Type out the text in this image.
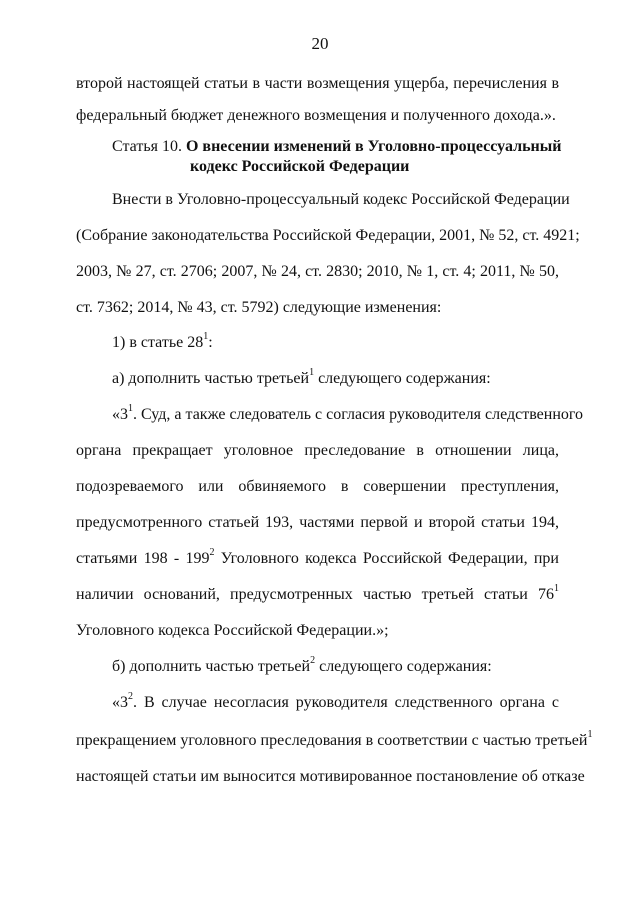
20
второй настоящей статьи в части возмещения ущерба, перечисления в
федеральный бюджет денежного возмещения и полученного дохода.».
Статья 10. О внесении изменений в Уголовно-процессуальный
кодекс Российской Федерации
Внести в Уголовно-процессуальный кодекс Российской Федерации
(Собрание законодательства Российской Федерации, 2001, № 52, ст. 4921;
2003, № 27, ст. 2706; 2007, № 24, ст. 2830; 2010, № 1, ст. 4; 2011, № 50,
ст. 7362; 2014, № 43, ст. 5792) следующие изменения:
1) в статье $28^1$:
а) дополнить частью третьей$^1$ следующего содержания:
«$3^1$. Суд, а также следователь с согласия руководителя следственного
органа прекращает уголовное преследование в отношении лица,
подозреваемого или обвиняемого в совершении преступления,
предусмотренного статьей 193, частями первой и второй статьи 194,
статьями $198 - 199^2$ Уголовного кодекса Российской Федерации, при
наличии оснований, предусмотренных частью третьей статьи $76^1$
Уголовного кодекса Российской Федерации.»;
б) дополнить частью третьей$^2$ следующего содержания:
«$3^2$. В случае несогласия руководителя следственного органа с
прекращением уголовного преследования в соответствии с частью третьей$^1$
настоящей статьи им выносится мотивированное постановление об отказе
